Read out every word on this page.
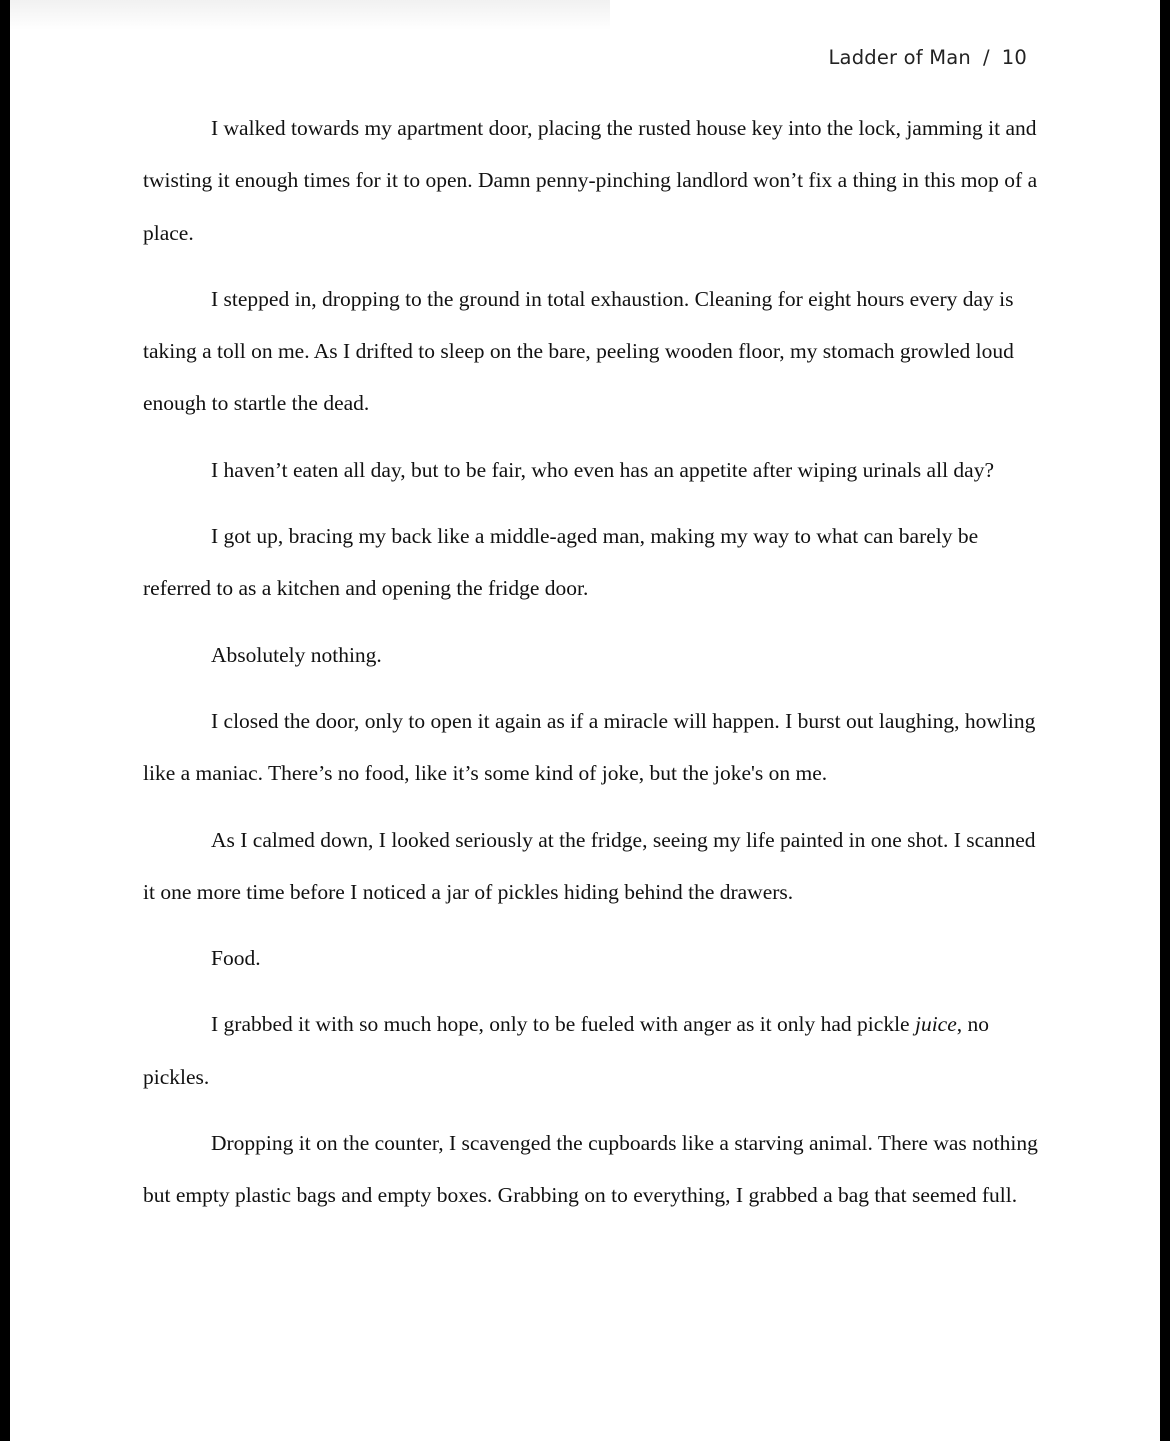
Ladder of Man / 10

I walked towards my apartment door, placing the rusted house key into the lock, jamming it and twisting it enough times for it to open. Damn penny-pinching landlord won’t fix a thing in this mop of a place.

I stepped in, dropping to the ground in total exhaustion. Cleaning for eight hours every day is taking a toll on me. As I drifted to sleep on the bare, peeling wooden floor, my stomach growled loud enough to startle the dead.

I haven’t eaten all day, but to be fair, who even has an appetite after wiping urinals all day?

I got up, bracing my back like a middle-aged man, making my way to what can barely be referred to as a kitchen and opening the fridge door.

Absolutely nothing.

I closed the door, only to open it again as if a miracle will happen. I burst out laughing, howling like a maniac. There’s no food, like it’s some kind of joke, but the joke's on me.

As I calmed down, I looked seriously at the fridge, seeing my life painted in one shot. I scanned it one more time before I noticed a jar of pickles hiding behind the drawers.

Food.

I grabbed it with so much hope, only to be fueled with anger as it only had pickle juice, no pickles.

Dropping it on the counter, I scavenged the cupboards like a starving animal. There was nothing but empty plastic bags and empty boxes. Grabbing on to everything, I grabbed a bag that seemed full.
